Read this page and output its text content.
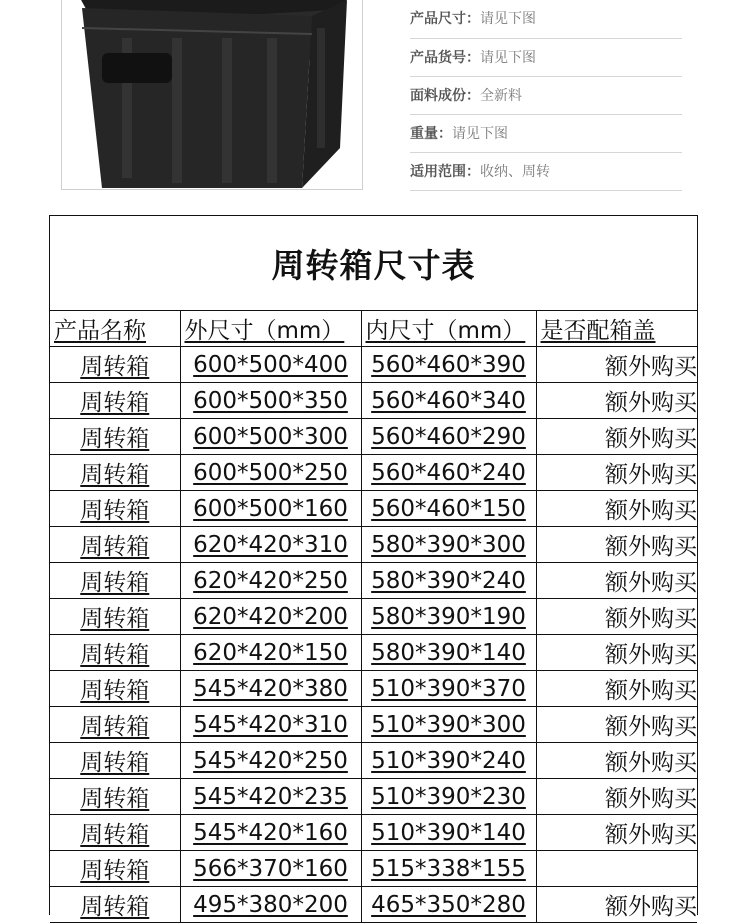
产品尺寸：请见下图
产品货号：请见下图
面料成份：全新料
重量：请见下图
适用范围：收纳、周转
周转箱尺寸表
产品名称	外尺寸（mm）	内尺寸（mm）	是否配箱盖
周转箱	600*500*400	560*460*390	额外购买
周转箱	600*500*350	560*460*340	额外购买
周转箱	600*500*300	560*460*290	额外购买
周转箱	600*500*250	560*460*240	额外购买
周转箱	600*500*160	560*460*150	额外购买
周转箱	620*420*310	580*390*300	额外购买
周转箱	620*420*250	580*390*240	额外购买
周转箱	620*420*200	580*390*190	额外购买
周转箱	620*420*150	580*390*140	额外购买
周转箱	545*420*380	510*390*370	额外购买
周转箱	545*420*310	510*390*300	额外购买
周转箱	545*420*250	510*390*240	额外购买
周转箱	545*420*235	510*390*230	额外购买
周转箱	545*420*160	510*390*140	额外购买
周转箱	566*370*160	515*338*155	
周转箱	495*380*200	465*350*280	额外购买
